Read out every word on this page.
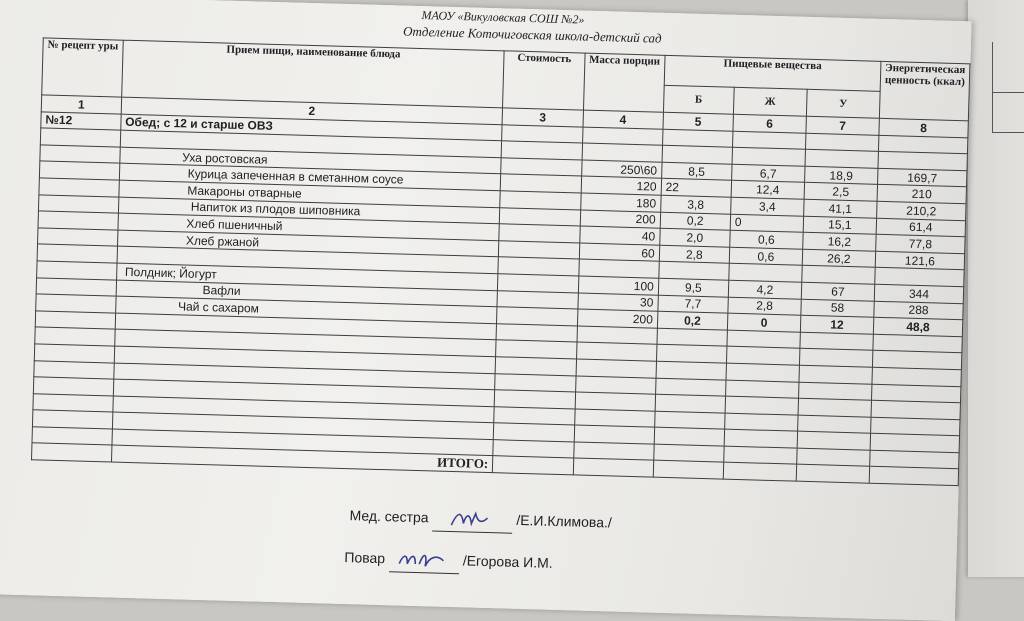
МАОУ «Викуловская СОШ №2»
Отделение Коточиговская школа-детский сад
№ рецепт уры	Прием пищи, наименование блюда	Стоимость	Масса порции	Пищевые вещества			Энергетическая ценность (ккал)
				Б	Ж	У	
1	2	3	4	5	6	7	8
№12	Обед; с 12 и старше ОВЗ						

	Уха ростовская		250\60	8,5	6,7	18,9	169,7
	Курица запеченная в сметанном соусе		120	22	12,4	2,5	210
	Макароны отварные		180	3,8	3,4	41,1	210,2
	Напиток из плодов шиповника		200	0,2	0	15,1	61,4
	Хлеб пшеничный		40	2,0	0,6	16,2	77,8
	Хлеб ржаной		60	2,8	0,6	26,2	121,6

	Полдник; Йогурт		100	9,5	4,2	67	344
	Вафли		30	7,7	2,8	58	288
	Чай с сахаром		200	0,2	0	12	48,8

	ИТОГО:						
Мед. сестра	/Е.И.Климова./
Повар	/Егорова И.М.
